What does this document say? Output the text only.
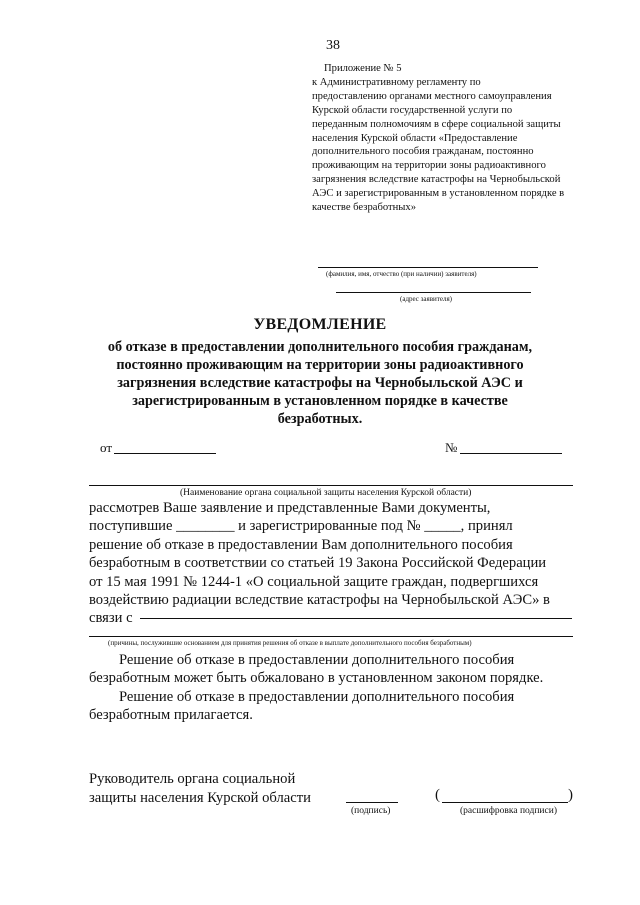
38
Приложение № 5
к Административному регламенту по
предоставлению органами местного самоуправления
Курской области государственной услуги по
переданным полномочиям в сфере социальной защиты
населения Курской области «Предоставление
дополнительного пособия гражданам, постоянно
проживающим на территории зоны радиоактивного
загрязнения вследствие катастрофы на Чернобыльской
АЭС и зарегистрированным в установленном порядке в
качестве безработных»
(фамилия, имя, отчество (при наличии) заявителя)
(адрес заявителя)
УВЕДОМЛЕНИЕ
об отказе в предоставлении дополнительного пособия гражданам,
постоянно проживающим на территории зоны радиоактивного
загрязнения вследствие катастрофы на Чернобыльской АЭС и
зарегистрированным в установленном порядке в качестве
безработных.
от	№
(Наименование органа социальной защиты населения Курской области)

рассмотрев Ваше заявление и представленные Вами документы,

поступившие ________ и зарегистрированные под № _____, принял

решение об отказе в предоставлении Вам дополнительного пособия

безработным в соответствии со статьей 19 Закона Российской Федерации

от 15 мая 1991 № 1244-1 «О социальной защите граждан, подвергшихся

воздействию радиации вследствие катастрофы на Чернобыльской АЭС» в

связи с

(причины, послужившие основанием для принятия решения об отказе в выплате дополнительного пособия безработным)

Решение об отказе в предоставлении дополнительного пособия

безработным может быть обжаловано в установленном законом порядке.

Решение об отказе в предоставлении дополнительного пособия

безработным прилагается.

Руководитель органа социальной
защиты населения Курской области
(подпись)
(	)
(расшифровка подписи)
